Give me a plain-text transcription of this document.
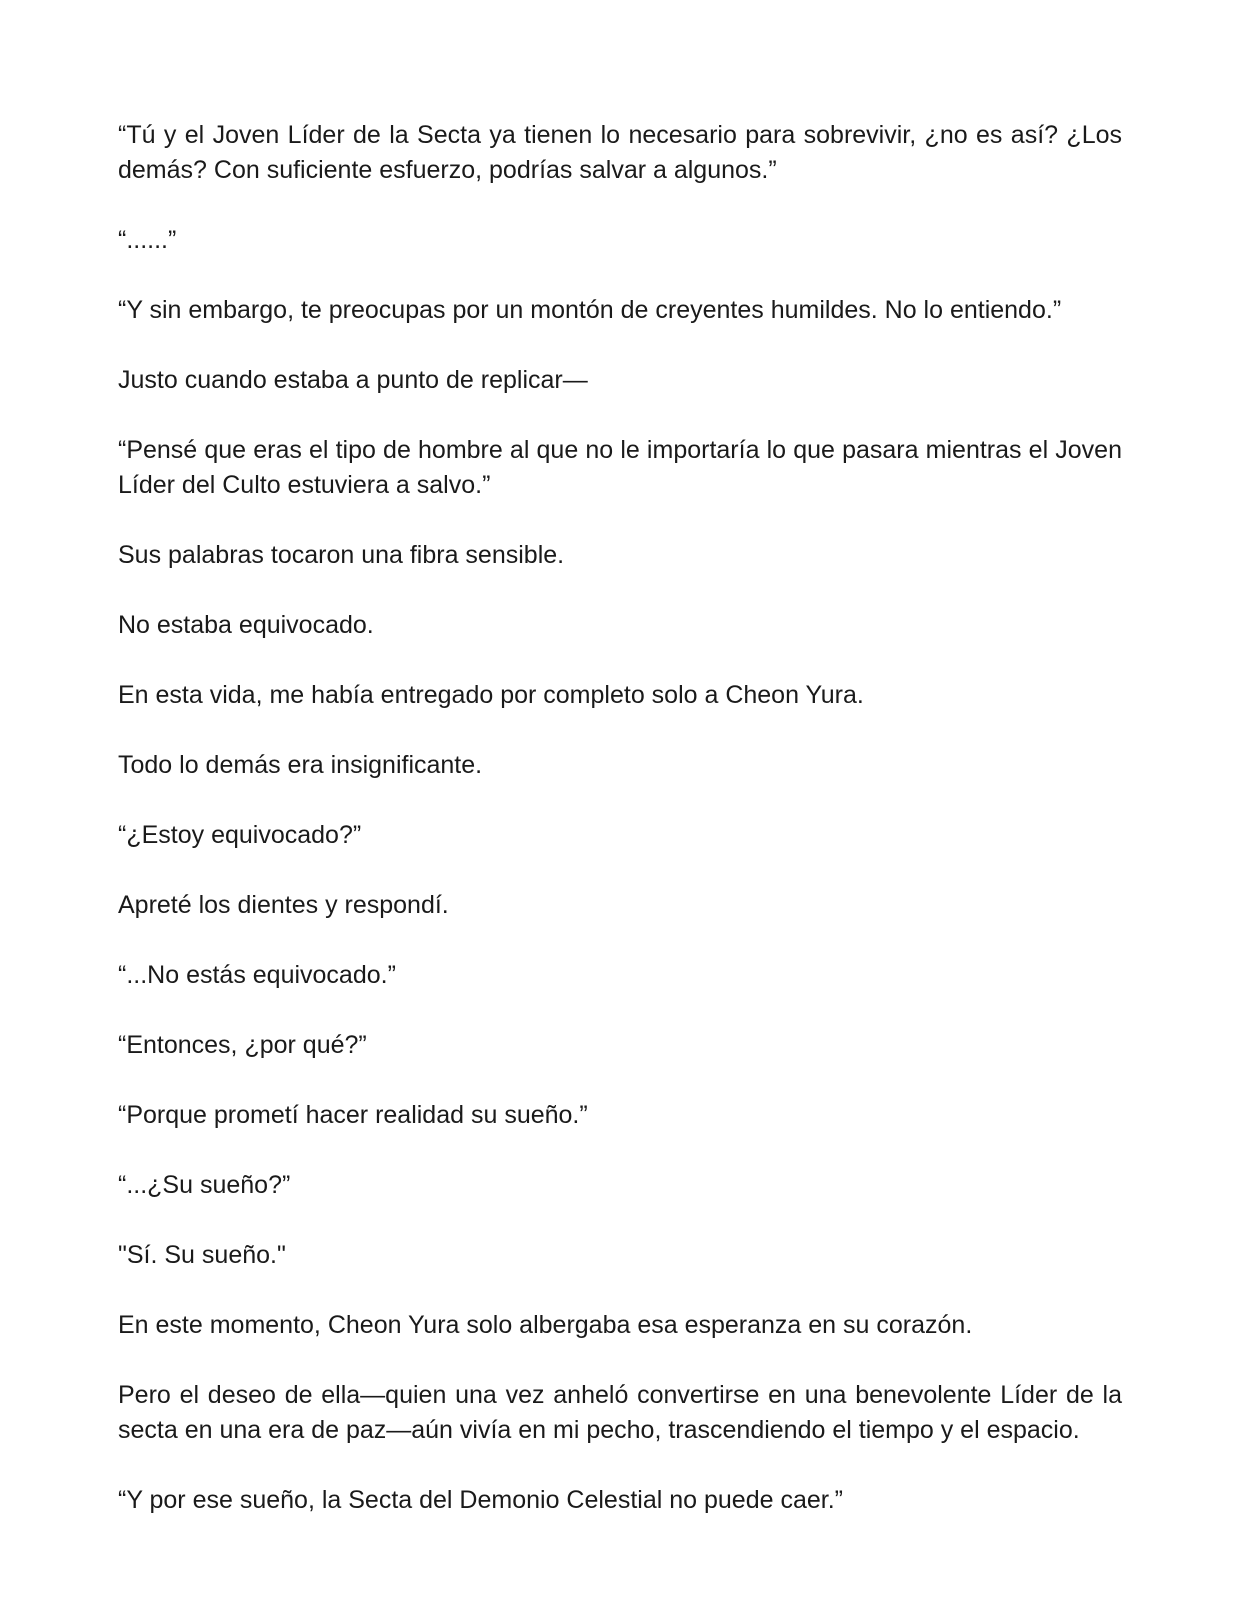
“Tú y el Joven Líder de la Secta ya tienen lo necesario para sobrevivir, ¿no es así? ¿Los demás? Con suficiente esfuerzo, podrías salvar a algunos.”

“......”

“Y sin embargo, te preocupas por un montón de creyentes humildes. No lo entiendo.”

Justo cuando estaba a punto de replicar—

“Pensé que eras el tipo de hombre al que no le importaría lo que pasara mientras el Joven Líder del Culto estuviera a salvo.”

Sus palabras tocaron una fibra sensible.

No estaba equivocado.

En esta vida, me había entregado por completo solo a Cheon Yura.

Todo lo demás era insignificante.

“¿Estoy equivocado?”

Apreté los dientes y respondí.

“...No estás equivocado.”

“Entonces, ¿por qué?”

“Porque prometí hacer realidad su sueño.”

“...¿Su sueño?”

"Sí. Su sueño."

En este momento, Cheon Yura solo albergaba esa esperanza en su corazón.

Pero el deseo de ella—quien una vez anheló convertirse en una benevolente Líder de la secta en una era de paz—aún vivía en mi pecho, trascendiendo el tiempo y el espacio.

“Y por ese sueño, la Secta del Demonio Celestial no puede caer.”
